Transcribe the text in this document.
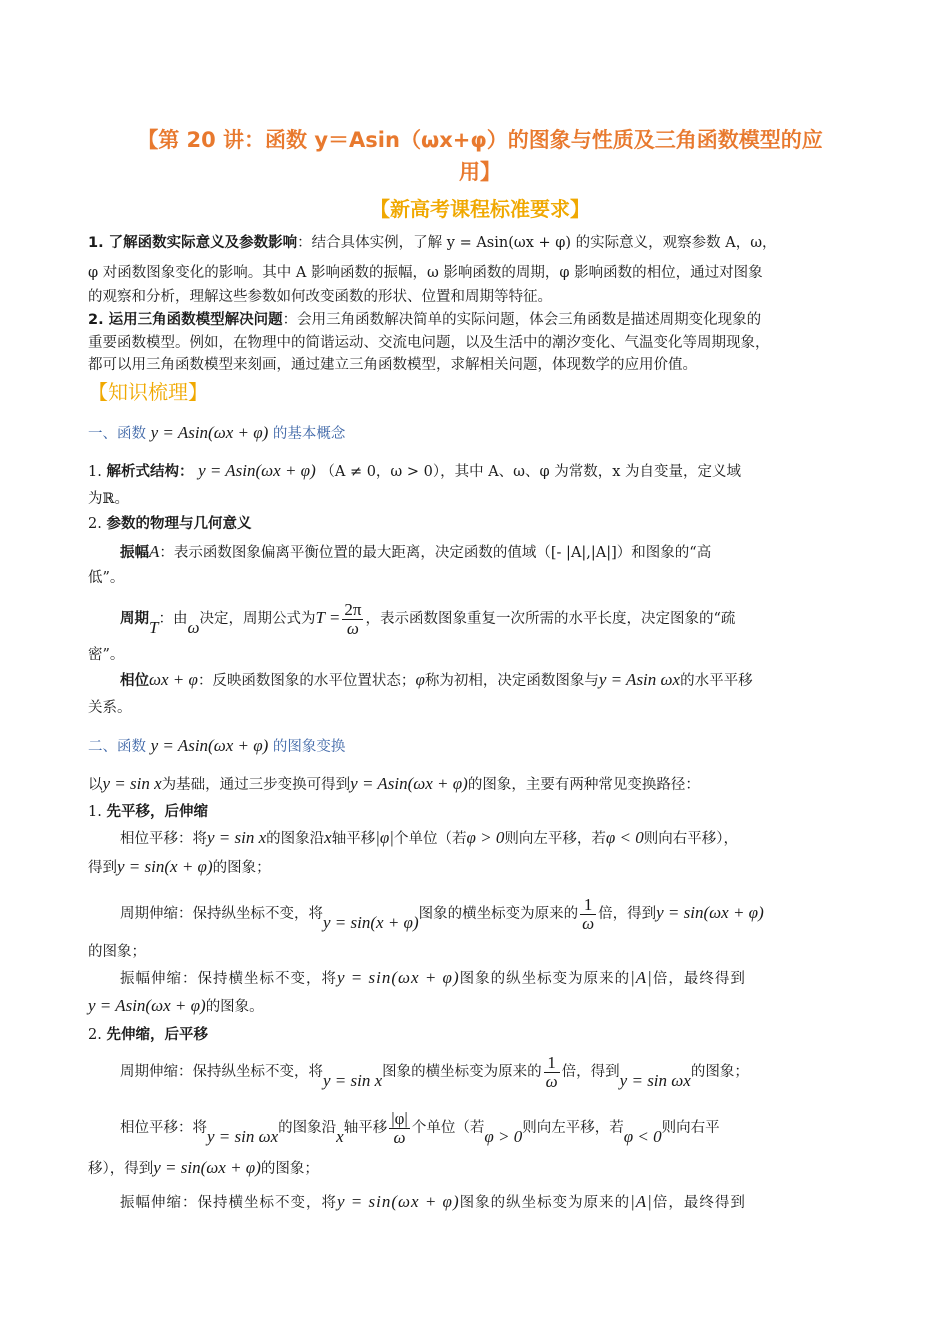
【第 20 讲：函数 y＝Asin（ωx+φ）的图象与性质及三角函数模型的应
用】
【新高考课程标准要求】
1. 了解函数实际意义及参数影响：结合具体实例，了解 y = Asin(ωx + φ) 的实际意义，观察参数 A，ω，
φ 对函数图象变化的影响。其中 A 影响函数的振幅，ω 影响函数的周期，φ 影响函数的相位，通过对图象
的观察和分析，理解这些参数如何改变函数的形状、位置和周期等特征。
2. 运用三角函数模型解决问题：会用三角函数解决简单的实际问题，体会三角函数是描述周期变化现象的
重要函数模型。例如，在物理中的简谐运动、交流电问题，以及生活中的潮汐变化、气温变化等周期现象，
都可以用三角函数模型来刻画，通过建立三角函数模型，求解相关问题，体现数学的应用价值。
【知识梳理】
一、函数 y = Asin(ωx + φ) 的基本概念
1. 解析式结构： y = Asin(ωx + φ) （A ≠ 0，ω > 0），其中 A、ω、φ 为常数，x 为自变量，定义域
为ℝ。
2. 参数的物理与几何意义
振幅A：表示函数图象偏离平衡位置的最大距离，决定函数的值域（[- |A|,|A|]）和图象的“高
低”。
周期T：由ω决定，周期公式为$T = \frac{2\pi}{\omega}$ ，表示函数图象重复一次所需的水平长度，决定图象的“疏
密”。
相位ωx + φ：反映函数图象的水平位置状态；φ称为初相，决定函数图象与y = Asin ωx的水平平移
关系。
二、函数 y = Asin(ωx + φ) 的图象变换
以y = sin x为基础，通过三步变换可得到y = Asin(ωx + φ)的图象，主要有两种常见变换路径：
1. 先平移，后伸缩
相位平移：将y = sin x的图象沿x轴平移|φ|个单位（若φ > 0则向左平移，若φ < 0则向右平移），
得到y = sin(x + φ)的图象；
周期伸缩：保持纵坐标不变，将y = sin(x + φ)图象的横坐标变为原来的 $\frac{1}{\omega}$ 倍，得到y = sin(ωx + φ)
的图象；
振幅伸缩：保持横坐标不变，将y = sin(ωx + φ)图象的纵坐标变为原来的|A|倍，最终得到
y = Asin(ωx + φ)的图象。
2. 先伸缩，后平移
周期伸缩：保持纵坐标不变，将y = sin x图象的横坐标变为原来的 $\frac{1}{\omega}$ 倍，得到y = sin ωx的图象；
相位平移：将y = sin ωx的图象沿x轴平移 $\frac{|\varphi|}{\omega}$ 个单位（若φ > 0则向左平移，若φ < 0则向右平
移），得到y = sin(ωx + φ)的图象；
振幅伸缩：保持横坐标不变，将y = sin(ωx + φ)图象的纵坐标变为原来的|A|倍，最终得到
